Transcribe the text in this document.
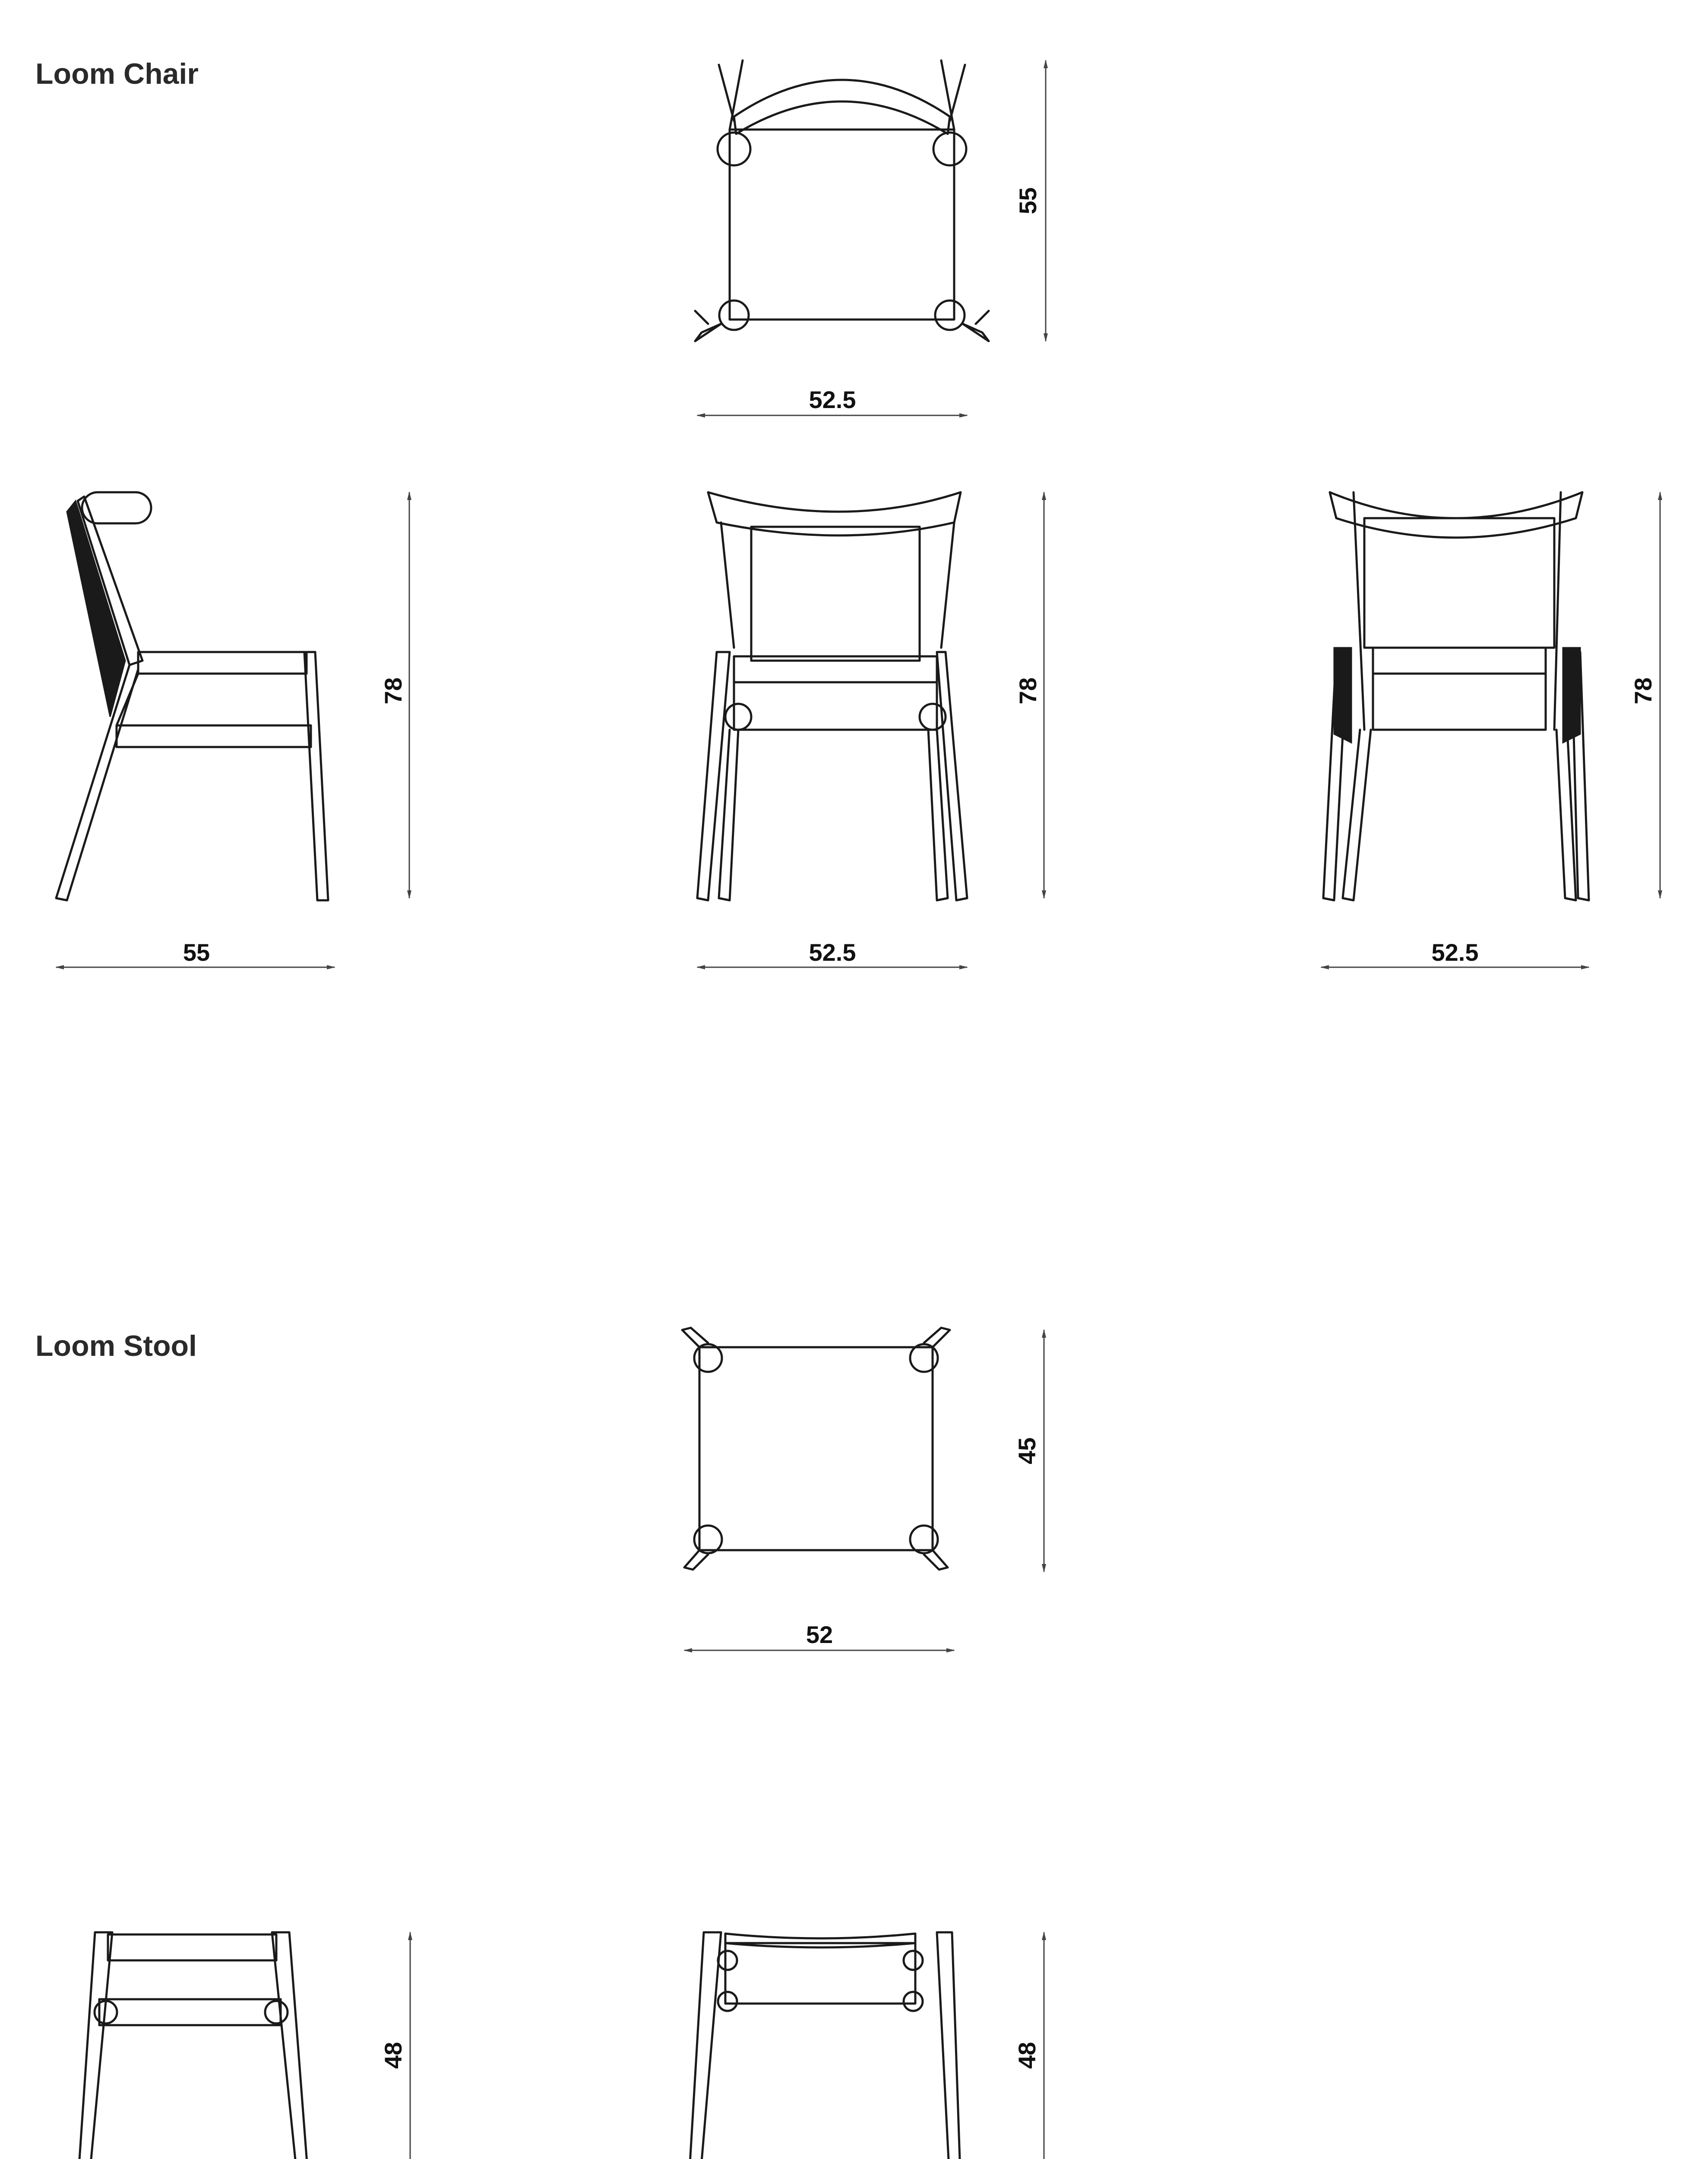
Loom Chair
Loom Stool
55
52.5
78
55
78
52.5
78
52.5
45
52
48	48
